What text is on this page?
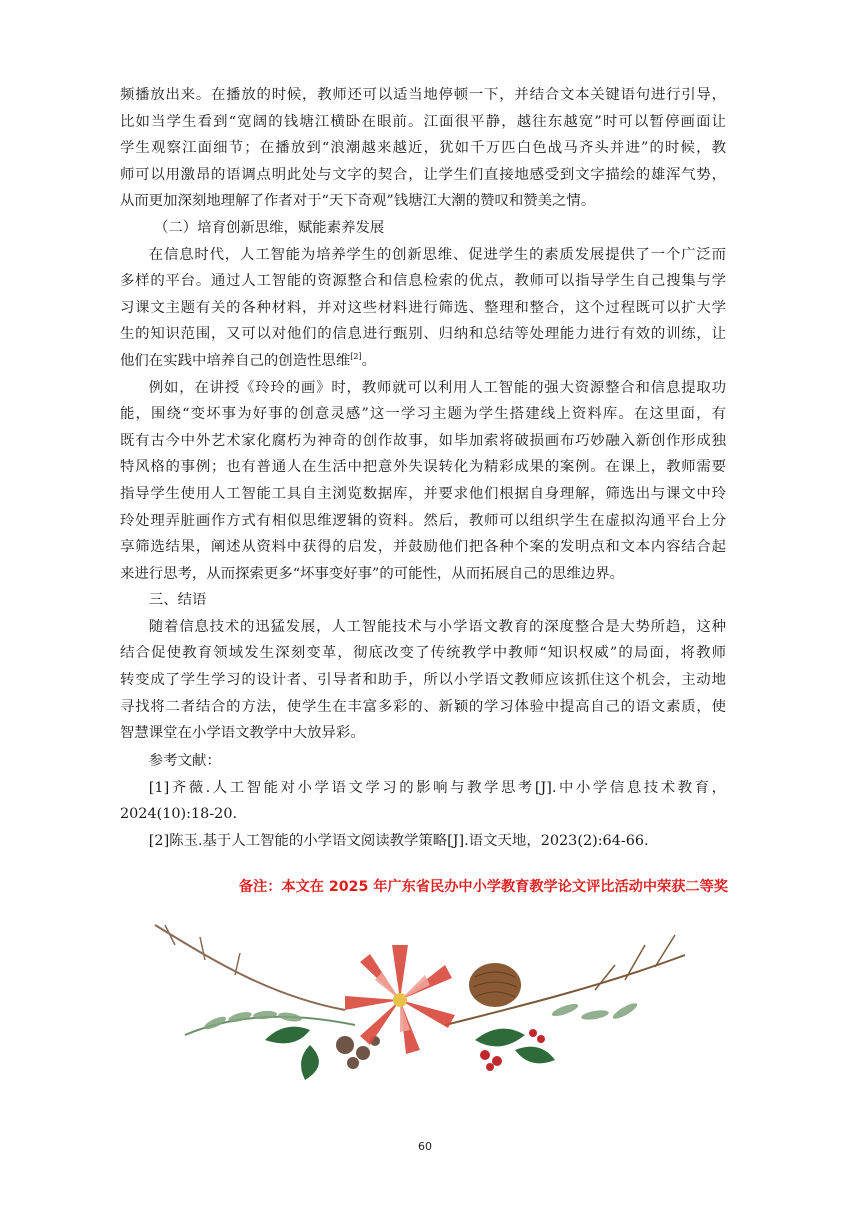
频播放出来。在播放的时候，教师还可以适当地停顿一下，并结合文本关键语句进行引导，

比如当学生看到“宽阔的钱塘江横卧在眼前。江面很平静，越往东越宽”时可以暂停画面让

学生观察江面细节；在播放到“浪潮越来越近，犹如千万匹白色战马齐头并进”的时候，教

师可以用激昂的语调点明此处与文字的契合，让学生们直接地感受到文字描绘的雄浑气势，

从而更加深刻地理解了作者对于“天下奇观”钱塘江大潮的赞叹和赞美之情。

（二）培育创新思维，赋能素养发展

在信息时代，人工智能为培养学生的创新思维、促进学生的素质发展提供了一个广泛而

多样的平台。通过人工智能的资源整合和信息检索的优点，教师可以指导学生自己搜集与学

习课文主题有关的各种材料，并对这些材料进行筛选、整理和整合，这个过程既可以扩大学

生的知识范围，又可以对他们的信息进行甄别、归纳和总结等处理能力进行有效的训练，让

他们在实践中培养自己的创造性思维[2]。

例如，在讲授《玲玲的画》时，教师就可以利用人工智能的强大资源整合和信息提取功

能，围绕“变坏事为好事的创意灵感”这一学习主题为学生搭建线上资料库。在这里面，有

既有古今中外艺术家化腐朽为神奇的创作故事，如毕加索将破损画布巧妙融入新创作形成独

特风格的事例；也有普通人在生活中把意外失误转化为精彩成果的案例。在课上，教师需要

指导学生使用人工智能工具自主浏览数据库，并要求他们根据自身理解，筛选出与课文中玲

玲处理弄脏画作方式有相似思维逻辑的资料。然后，教师可以组织学生在虚拟沟通平台上分

享筛选结果，阐述从资料中获得的启发，并鼓励他们把各种个案的发明点和文本内容结合起

来进行思考，从而探索更多“坏事变好事”的可能性，从而拓展自己的思维边界。

三、结语

随着信息技术的迅猛发展，人工智能技术与小学语文教育的深度整合是大势所趋，这种

结合促使教育领域发生深刻变革，彻底改变了传统教学中教师“知识权威”的局面，将教师

转变成了学生学习的设计者、引导者和助手，所以小学语文教师应该抓住这个机会，主动地

寻找将二者结合的方法，使学生在丰富多彩的、新颖的学习体验中提高自己的语文素质，使

智慧课堂在小学语文教学中大放异彩。

参考文献：

[1]齐薇.人工智能对小学语文学习的影响与教学思考[J].中小学信息技术教育，

2024(10):18-20.

[2]陈玉.基于人工智能的小学语文阅读教学策略[J].语文天地，2023(2):64-66.

备注：本文在 2025 年广东省民办中小学教育教学论文评比活动中荣获二等奖
60
